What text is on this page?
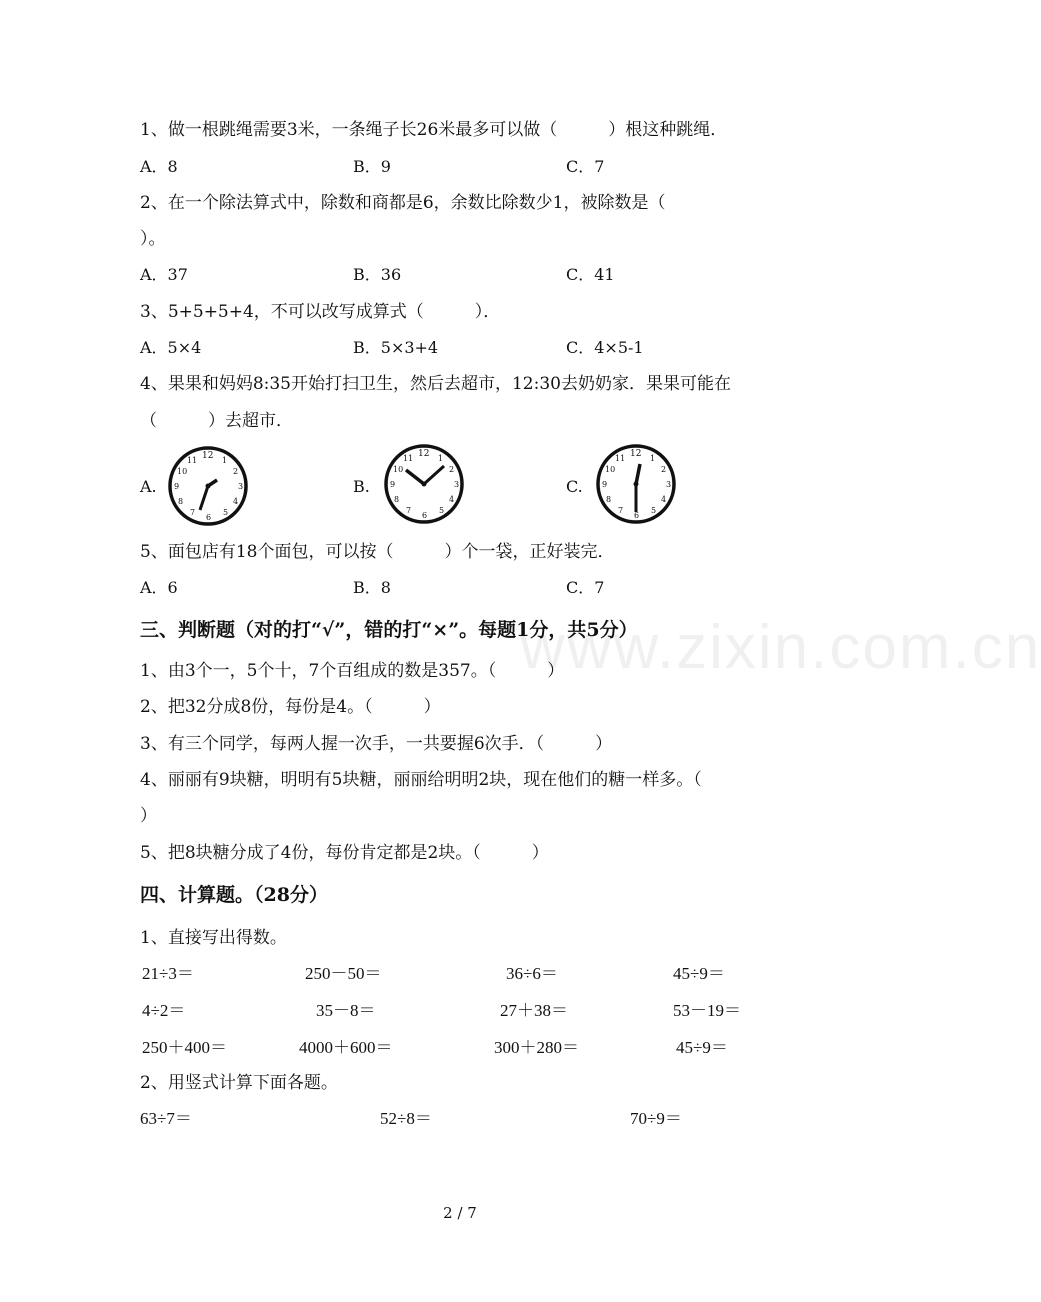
www.zixin.com.cn
1、做一根跳绳需要3米，一条绳子长26米最多可以做（　　　）根这种跳绳．
A．8	B．9	C．7
2、在一个除法算式中，除数和商都是6，余数比除数少1，被除数是（
）。
A．37	B．36	C．41
3、5+5+5+4，不可以改写成算式（　　　）．
A．5×4	B．5×3+4	C．4×5-1
4、果果和妈妈8:35开始打扫卫生，然后去超市，12:30去奶奶家．果果可能在
（　　　）去超市．
A.	B.	C.
12 1
2
3
4
5
6
7
8
9
10
11
12 1
2
3
4
5
6
7
8
9
10
11	12 1
2
3
4
5
6
7
8
9
10
11
5、面包店有18个面包，可以按（　　　）个一袋，正好装完．
A．6	B．8	C．7
三、判断题（对的打“√”，错的打“×”。每题1分，共5分）
1、由3个一，5个十，7个百组成的数是357。（　　　）
2、把32分成8份，每份是4。（　　　）
3、有三个同学，每两人握一次手，一共要握6次手．（　　　）
4、丽丽有9块糖，明明有5块糖，丽丽给明明2块，现在他们的糖一样多。（
）
5、把8块糖分成了4份，每份肯定都是2块。（　　　）
四、计算题。（28分）
1、直接写出得数。
21÷3＝	250－50＝	36÷6＝	45÷9＝
4÷2＝	35－8＝	27＋38＝	53－19＝
250＋400＝	4000＋600＝	300＋280＝	45÷9＝
2、用竖式计算下面各题。
63÷7＝	52÷8＝	70÷9＝
2 / 7
